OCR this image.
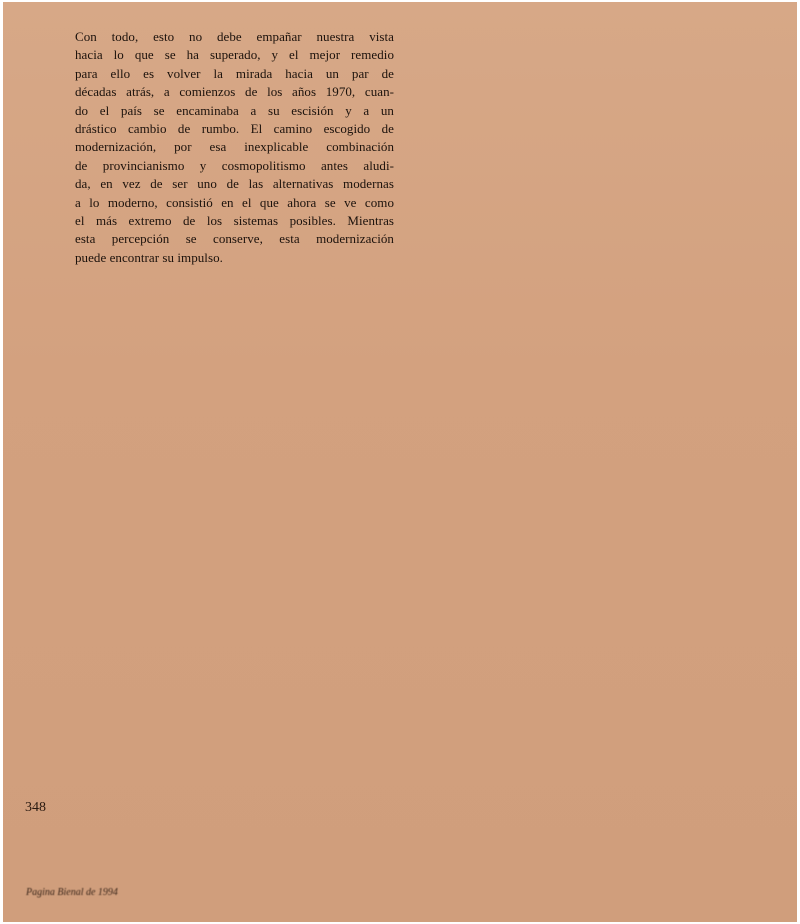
Con todo, esto no debe empañar nuestra vista
hacia lo que se ha superado, y el mejor remedio
para ello es volver la mirada hacia un par de
décadas atrás, a comienzos de los años 1970, cuan-
do el país se encaminaba a su escisión y a un
drástico cambio de rumbo. El camino escogido de
modernización, por esa inexplicable combinación
de provincianismo y cosmopolitismo antes aludi-
da, en vez de ser uno de las alternativas modernas
a lo moderno, consistió en el que ahora se ve como
el más extremo de los sistemas posibles. Mientras
esta percepción se conserve, esta modernización
puede encontrar su impulso.
348
Pagina Bienal de 1994
